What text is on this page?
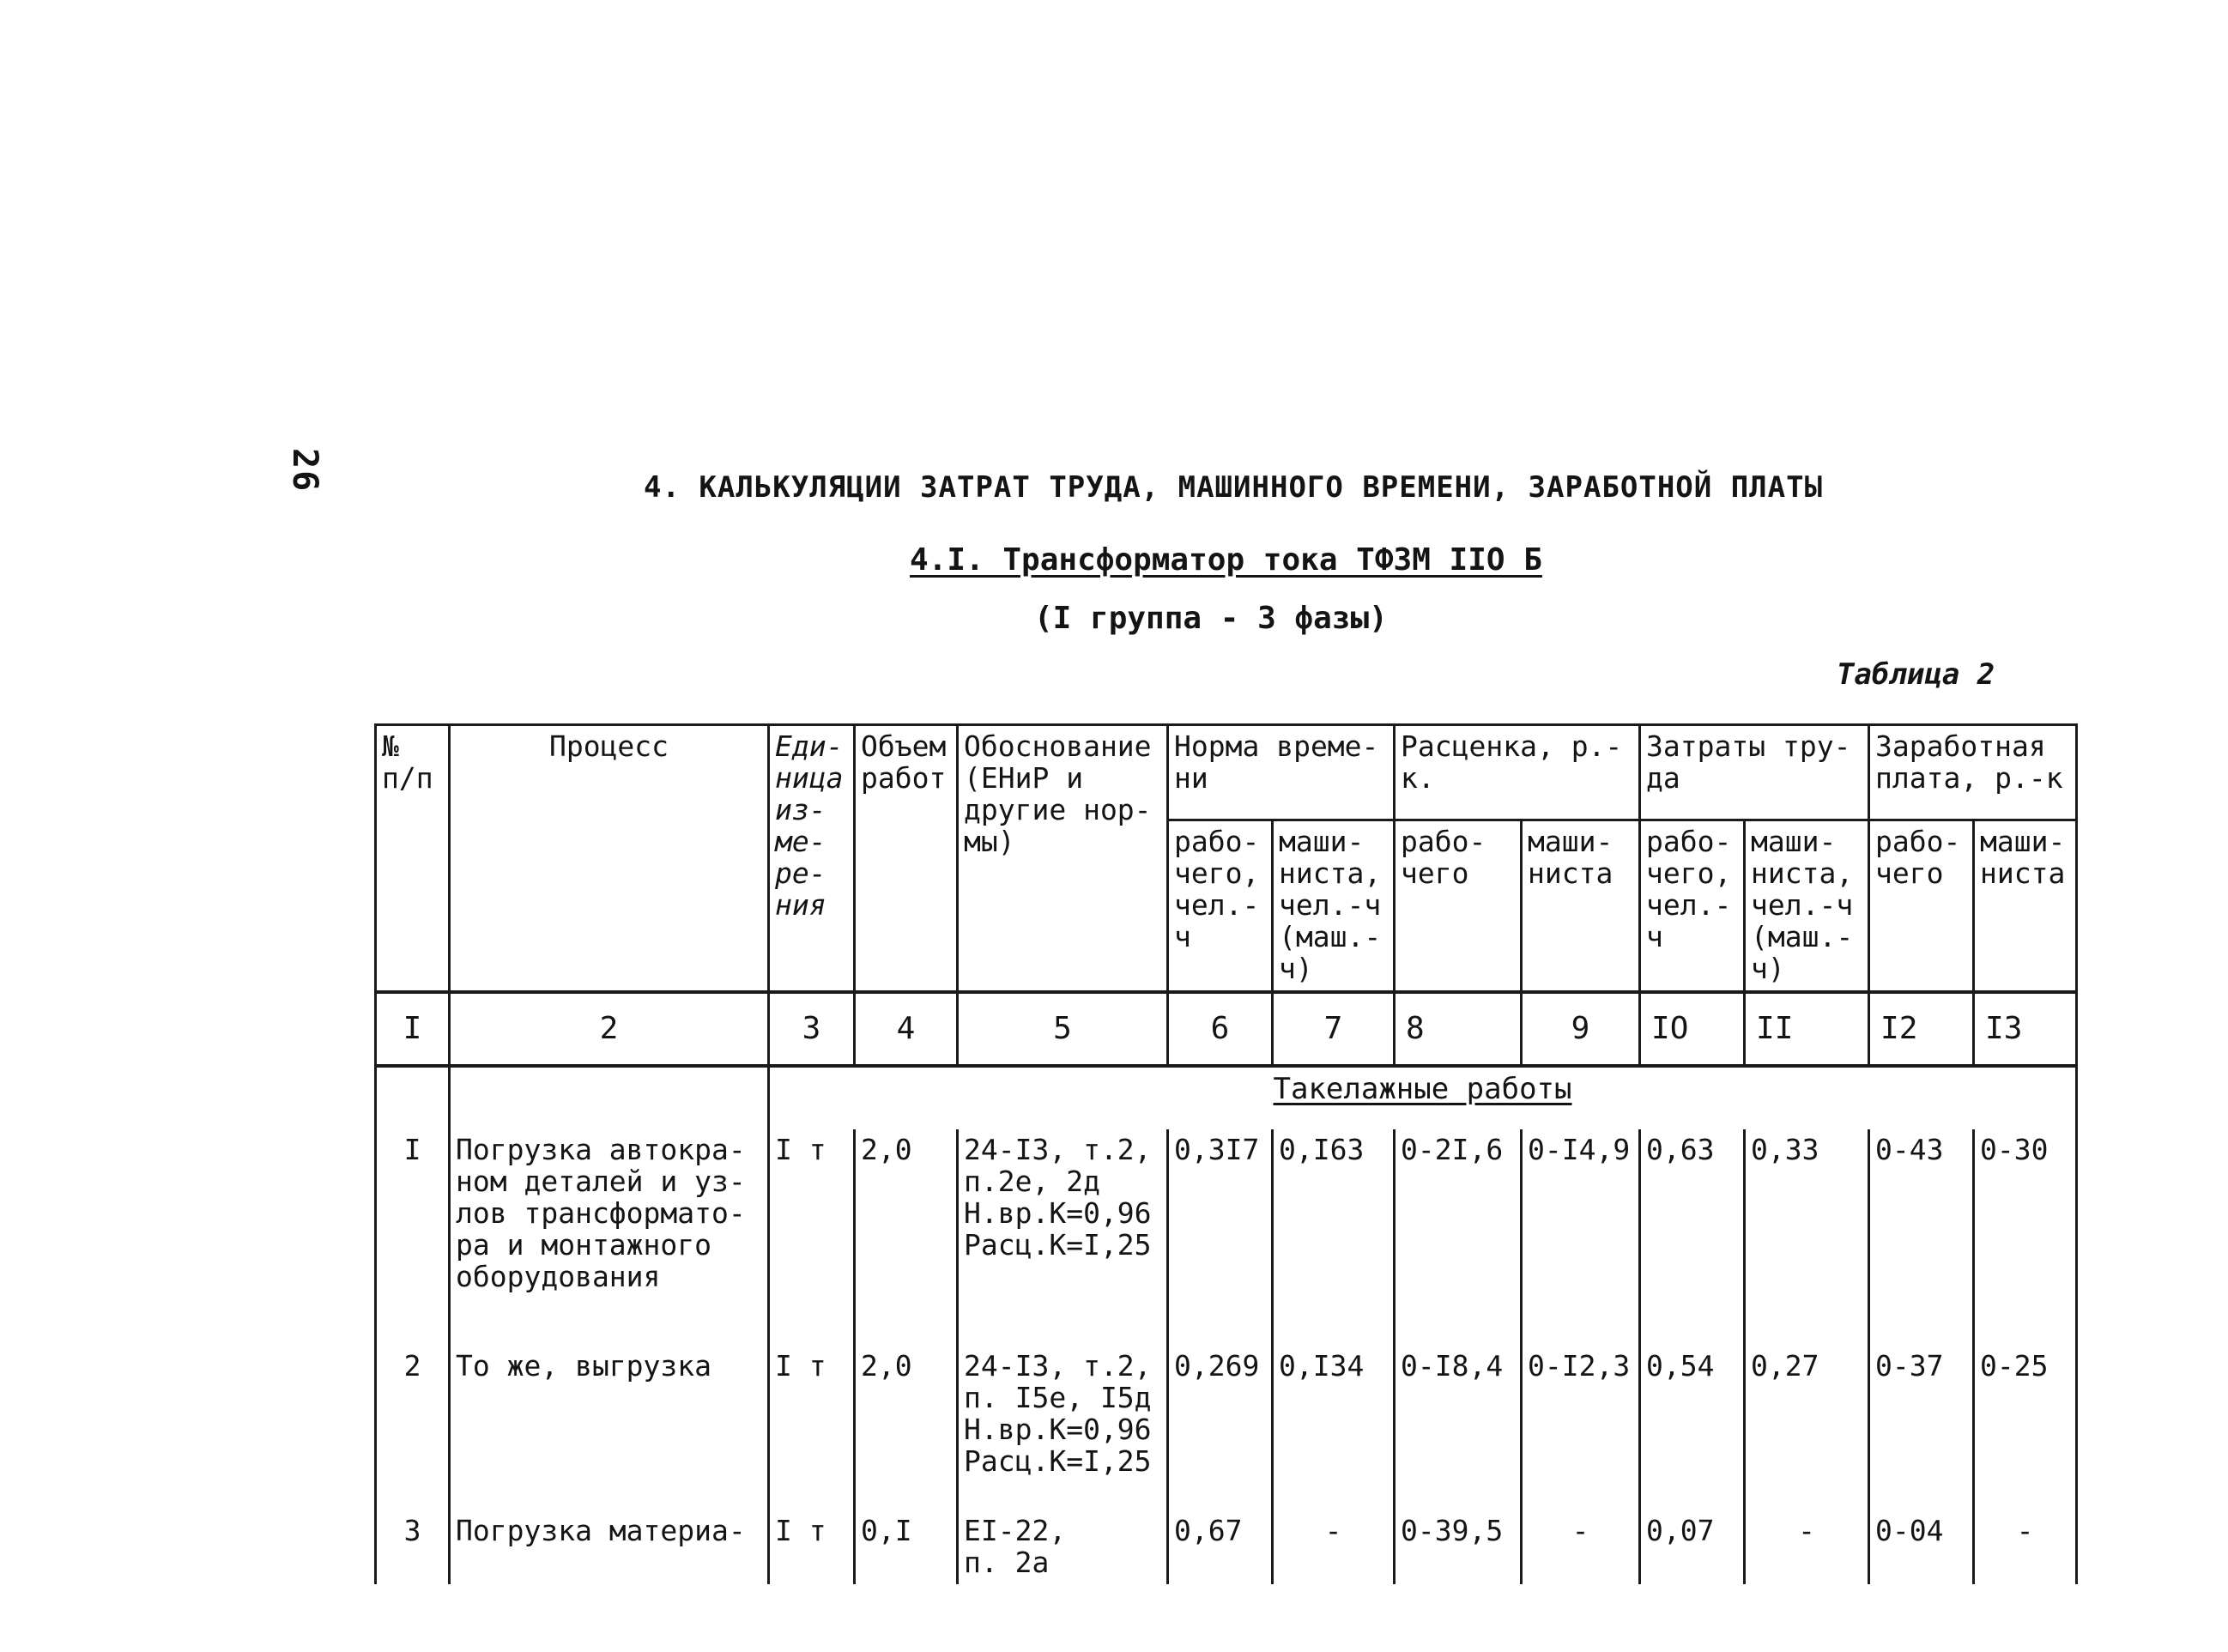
26	4. КАЛЬКУЛЯЦИИ ЗАТРАТ ТРУДА, МАШИННОГО ВРЕМЕНИ, ЗАРАБОТНОЙ ПЛАТЫ
4.I. Трансформатор тока ТФЗМ IIO Б
(I группа - 3 фазы)
Таблица 2
№ п/п	Процесс	Еди- ница из- ме- ре- ния	Объем работ	Обоснование (ЕНиР и другие нор- мы)	Норма време- ни		Расценка, р.-к.		Затраты тру- да		Заработная плата, р.-к	
					рабо- чего, чел.- ч	маши- ниста, чел.-ч (маш.- ч)	рабо- чего	маши- ниста	рабо- чего, чел.- ч	маши- ниста, чел.-ч (маш.- ч)	рабо- чего	маши- ниста
I	2	3	4	5	6	7	8	9	IO	II	I2	I3
		Такелажные работы										
I	Погрузка автокра- ном деталей и уз- лов трансформато- ра и монтажного оборудования	I т	2,0	24-I3, т.2,
п.2е, 2д
Н.вр.К=0,96
Расц.К=I,25	0,3I7	0,I63	0-2I,6	0-I4,9	0,63	0,33	0-43	0-30
2	То же, выгрузка	I т	2,0	24-I3, т.2,
п. I5е, I5д
Н.вр.К=0,96
Расц.К=I,25	0,269	0,I34	0-I8,4	0-I2,3	0,54	0,27	0-37	0-25
3	Погрузка материа-	I т	0,I	EI-22,
п. 2а	0,67	-	0-39,5	-	0,07	-	0-04	-
